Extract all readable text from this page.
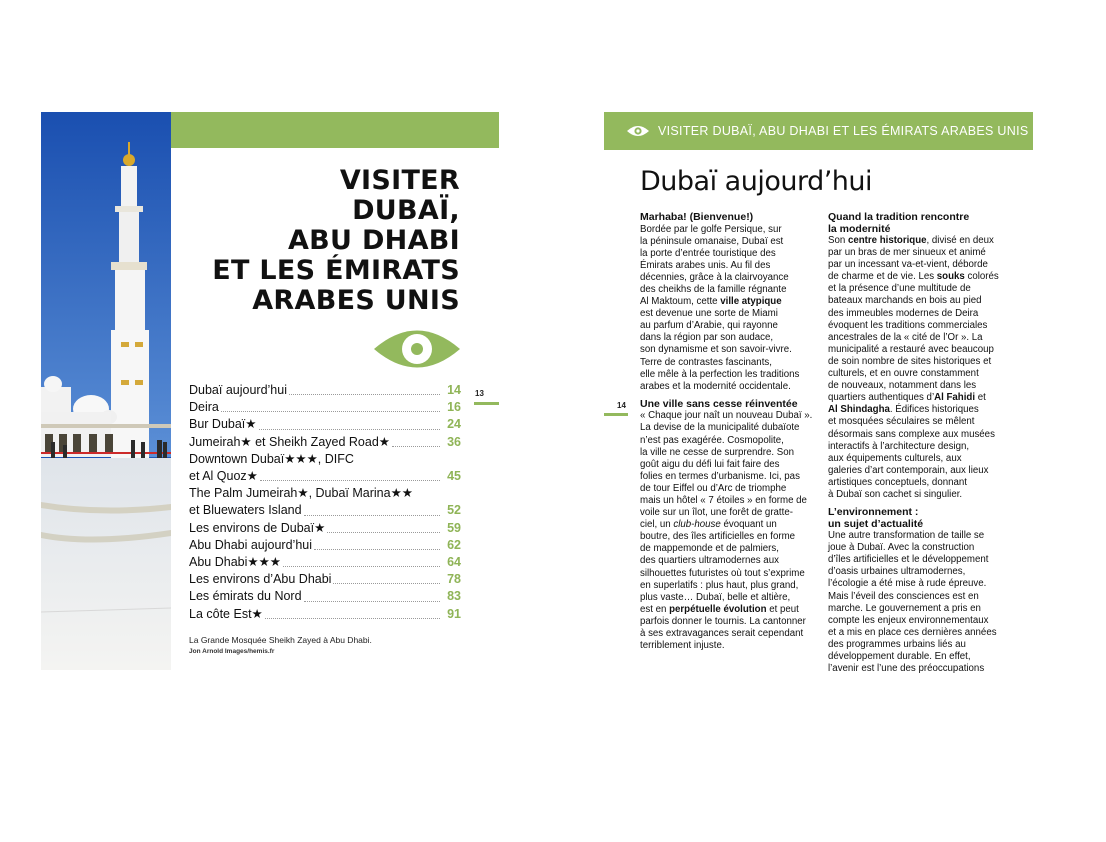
VISITER
DUBAÏ,
ABU DHABI
ET LES ÉMIRATS
ARABES UNIS
Dubaï aujourd’hui	14
Deira	16
Bur Dubaï★	24
Jumeirah★ et Sheikh Zayed Road★	36
Downtown Dubaï★★★, DIFC
et Al Quoz★	45
The Palm Jumeirah★, Dubaï Marina★★
et Bluewaters Island	52
Les environs de Dubaï★	59
Abu Dhabi aujourd’hui	62
Abu Dhabi★★★	64
Les environs d’Abu Dhabi	78
Les émirats du Nord	83
La côte Est★	91
La Grande Mosquée Sheikh Zayed à Abu Dhabi.
Jon Arnold Images/hemis.fr
13
VISITER DUBAÏ, ABU DHABI ET LES ÉMIRATS ARABES UNIS
Dubaï aujourd’hui
14
Marhaba! (Bienvenue!)

Bordée par le golfe Persique, sur
la péninsule omanaise, Dubaï est
la porte d’entrée touristique des
Émirats arabes unis. Au fil des
décennies, grâce à la clairvoyance
des cheikhs de la famille régnante
Al Maktoum, cette ville atypique
est devenue une sorte de Miami
au parfum d’Arabie, qui rayonne
dans la région par son audace,
son dynamisme et son savoir-vivre.
Terre de contrastes fascinants,
elle mêle à la perfection les traditions
arabes et la modernité occidentale.

Une ville sans cesse réinventée

« Chaque jour naît un nouveau Dubaï ».
La devise de la municipalité dubaïote
n’est pas exagérée. Cosmopolite,
la ville ne cesse de surprendre. Son
goût aigu du défi lui fait faire des
folies en termes d’urbanisme. Ici, pas
de tour Eiffel ou d’Arc de triomphe
mais un hôtel « 7 étoiles » en forme de
voile sur un îlot, une forêt de gratte-
ciel, un club-house évoquant un
boutre, des îles artificielles en forme
de mappemonde et de palmiers,
des quartiers ultramodernes aux
silhouettes futuristes où tout s’exprime
en superlatifs : plus haut, plus grand,
plus vaste… Dubaï, belle et altière,
est en perpétuelle évolution et peut
parfois donner le tournis. La cantonner
à ses extravagances serait cependant
terriblement injuste.

Quand la tradition rencontre
la modernité

Son centre historique, divisé en deux
par un bras de mer sinueux et animé
par un incessant va-et-vient, déborde
de charme et de vie. Les souks colorés
et la présence d’une multitude de
bateaux marchands en bois au pied
des immeubles modernes de Deira
évoquent les traditions commerciales
ancestrales de la « cité de l’Or ». La
municipalité a restauré avec beaucoup
de soin nombre de sites historiques et
culturels, et en ouvre constamment
de nouveaux, notamment dans les
quartiers authentiques d’Al Fahidi et
Al Shindagha. Édifices historiques
et mosquées séculaires se mêlent
désormais sans complexe aux musées
interactifs à l’architecture design,
aux équipements culturels, aux
galeries d’art contemporain, aux lieux
artistiques conceptuels, donnant
à Dubaï son cachet si singulier.

L’environnement :
un sujet d’actualité

Une autre transformation de taille se
joue à Dubaï. Avec la construction
d’îles artificielles et le développement
d’oasis urbaines ultramodernes,
l’écologie a été mise à rude épreuve.
Mais l’éveil des consciences est en
marche. Le gouvernement a pris en
compte les enjeux environnementaux
et a mis en place ces dernières années
des programmes urbains liés au
développement durable. En effet,
l’avenir est l’une des préoccupations
